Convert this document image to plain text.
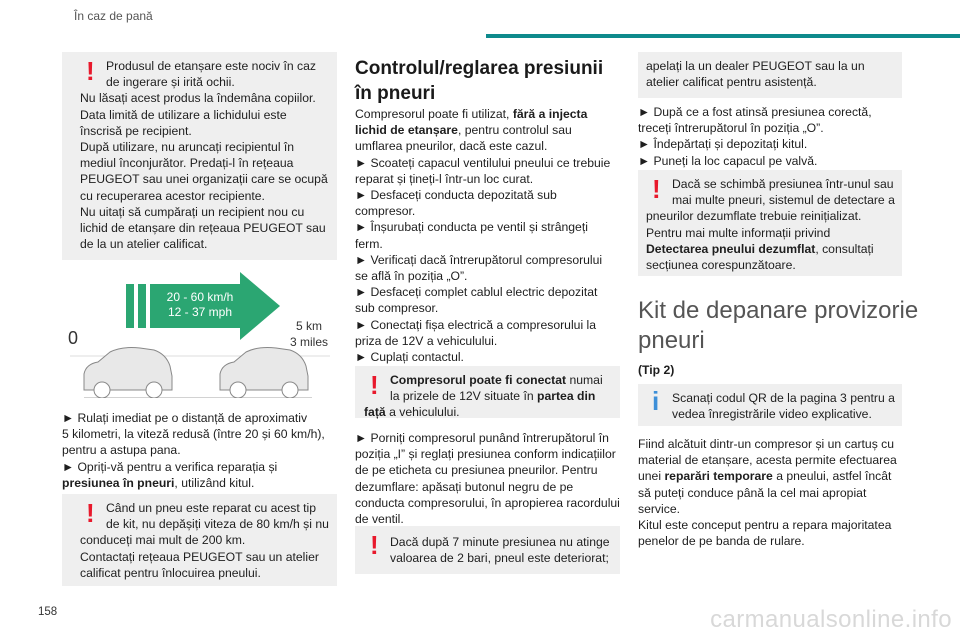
În caz de pană
! Produsul de etanșare este nociv în caz
de ingerare și irită ochii.
Nu lăsați acest produs la îndemâna copiilor.
Data limită de utilizare a lichidului este
înscrisă pe recipient.
După utilizare, nu aruncați recipientul în
mediul înconjurător. Predați-l în rețeaua
PEUGEOT sau unei organizații care se ocupă
cu recuperarea acestor recipiente.
Nu uitați să cumpărați un recipient nou cu
lichid de etanșare din rețeaua PEUGEOT sau
de la un atelier calificat.
20 - 60 km/h
12 - 37 mph
0
5 km
3 miles
► Rulați imediat pe o distanță de aproximativ
5 kilometri, la viteză redusă (între 20 și 60 km/h),
pentru a astupa pana.
► Opriți-vă pentru a verifica reparația și
presiunea în pneuri, utilizând kitul.
! Când un pneu este reparat cu acest tip
de kit, nu depășiți viteza de 80 km/h și nu
conduceți mai mult de 200 km.
Contactați rețeaua PEUGEOT sau un atelier
calificat pentru înlocuirea pneului.
Controlul/reglarea presiunii
în pneuri
Compresorul poate fi utilizat, fără a injecta
lichid de etanșare, pentru controlul sau
umflarea pneurilor, dacă este cazul.
► Scoateți capacul ventilului pneului ce trebuie
reparat și țineți-l într-un loc curat.
► Desfaceți conducta depozitată sub
compresor.
► Înșurubați conducta pe ventil și strângeți
ferm.
► Verificați dacă întrerupătorul compresorului
se află în poziția „O”.
► Desfaceți complet cablul electric depozitat
sub compresor.
► Conectați fișa electrică a compresorului la
priza de 12V a vehiculului.
► Cuplați contactul.
! Compresorul poate fi conectat numai
la prizele de 12V situate în partea din
față a vehiculului.
► Porniți compresorul punând întrerupătorul în
poziția „I” și reglați presiunea conform indicațiilor
de pe eticheta cu presiunea pneurilor. Pentru
dezumflare: apăsați butonul negru de pe
conducta compresorului, în apropierea racordului
de ventil.
! Dacă după 7 minute presiunea nu atinge
valoarea de 2 bari, pneul este deteriorat;
apelați la un dealer PEUGEOT sau la un
atelier calificat pentru asistență.
► După ce a fost atinsă presiunea corectă,
treceți întrerupătorul în poziția „O”.
► Îndepărtați și depozitați kitul.
► Puneți la loc capacul pe valvă.
! Dacă se schimbă presiunea într-unul sau
mai multe pneuri, sistemul de detectare a
pneurilor dezumflate trebuie reinițializat.
Pentru mai multe informații privind
Detectarea pneului dezumflat, consultați
secțiunea corespunzătoare.
Kit de depanare provizorie
pneuri
(Tip 2)
i Scanați codul QR de la pagina 3 pentru a
vedea înregistrările video explicative.
Fiind alcătuit dintr-un compresor și un cartuș cu
material de etanșare, acesta permite efectuarea
unei reparări temporare a pneului, astfel încât
să puteți conduce până la cel mai apropiat
service.
Kitul este conceput pentru a repara majoritatea
penelor de pe banda de rulare.
158	carmanualsonline.info
